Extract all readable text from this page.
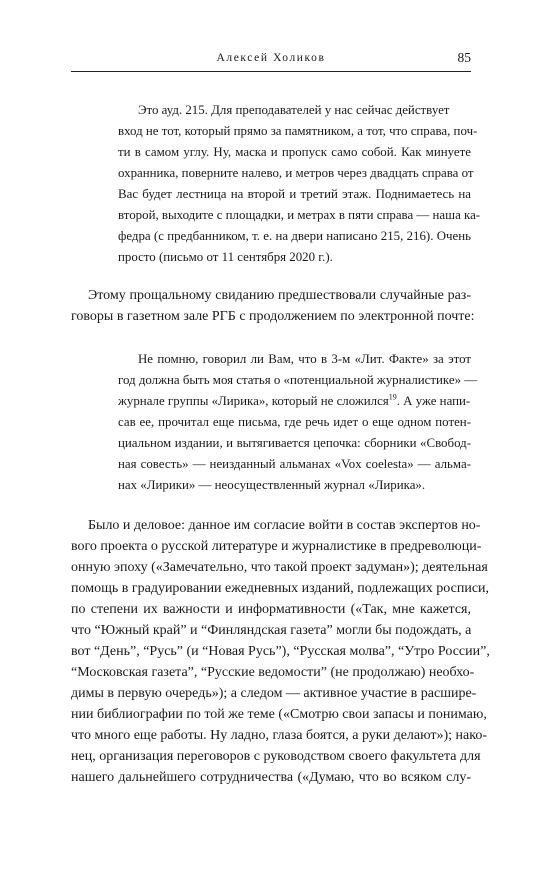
Алексей Холиков	85
Это ауд. 215. Для преподавателей у нас сейчас действует
вход не тот, который прямо за памятником, а тот, что справа, поч-
ти в самом углу. Ну, маска и пропуск само собой. Как минуете
охранника, поверните налево, и метров через двадцать справа от
Вас будет лестница на второй и третий этаж. Поднимаетесь на
второй, выходите с площадки, и метрах в пяти справа — наша ка-
федра (с предбанником, т. е. на двери написано 215, 216). Очень
просто (письмо от 11 сентября 2020 г.).
Этому прощальному свиданию предшествовали случайные раз-
говоры в газетном зале РГБ с продолжением по электронной почте:
Не помню, говорил ли Вам, что в 3-м «Лит. Факте» за этот
год должна быть моя статья о «потенциальной журналистике» —
журнале группы «Лирика», который не сложился$^{19}$. А уже напи-
сав ее, прочитал еще письма, где речь идет о еще одном потен-
циальном издании, и вытягивается цепочка: сборники «Свобод-
ная совесть» — неизданный альманах «Vox coelesta» — альма-
нах «Лирики» — неосуществленный журнал «Лирика».
Было и деловое: данное им согласие войти в состав экспертов но-
вого проекта о русской литературе и журналистике в предреволюци-
онную эпоху («Замечательно, что такой проект задуман»); деятельная
помощь в градуировании ежедневных изданий, подлежащих росписи,
по степени их важности и информативности («Так, мне кажется,
что “Южный край” и “Финляндская газета” могли бы подождать, а
вот “День”, “Русь” (и “Новая Русь”), “Русская молва”, “Утро России”,
“Московская газета”, “Русские ведомости” (не продолжаю) необхо-
димы в первую очередь»); а следом — активное участие в расшире-
нии библиографии по той же теме («Смотрю свои запасы и понимаю,
что много еще работы. Ну ладно, глаза боятся, а руки делают»); нако-
нец, организация переговоров с руководством своего факультета для
нашего дальнейшего сотрудничества («Думаю, что во всяком слу-
